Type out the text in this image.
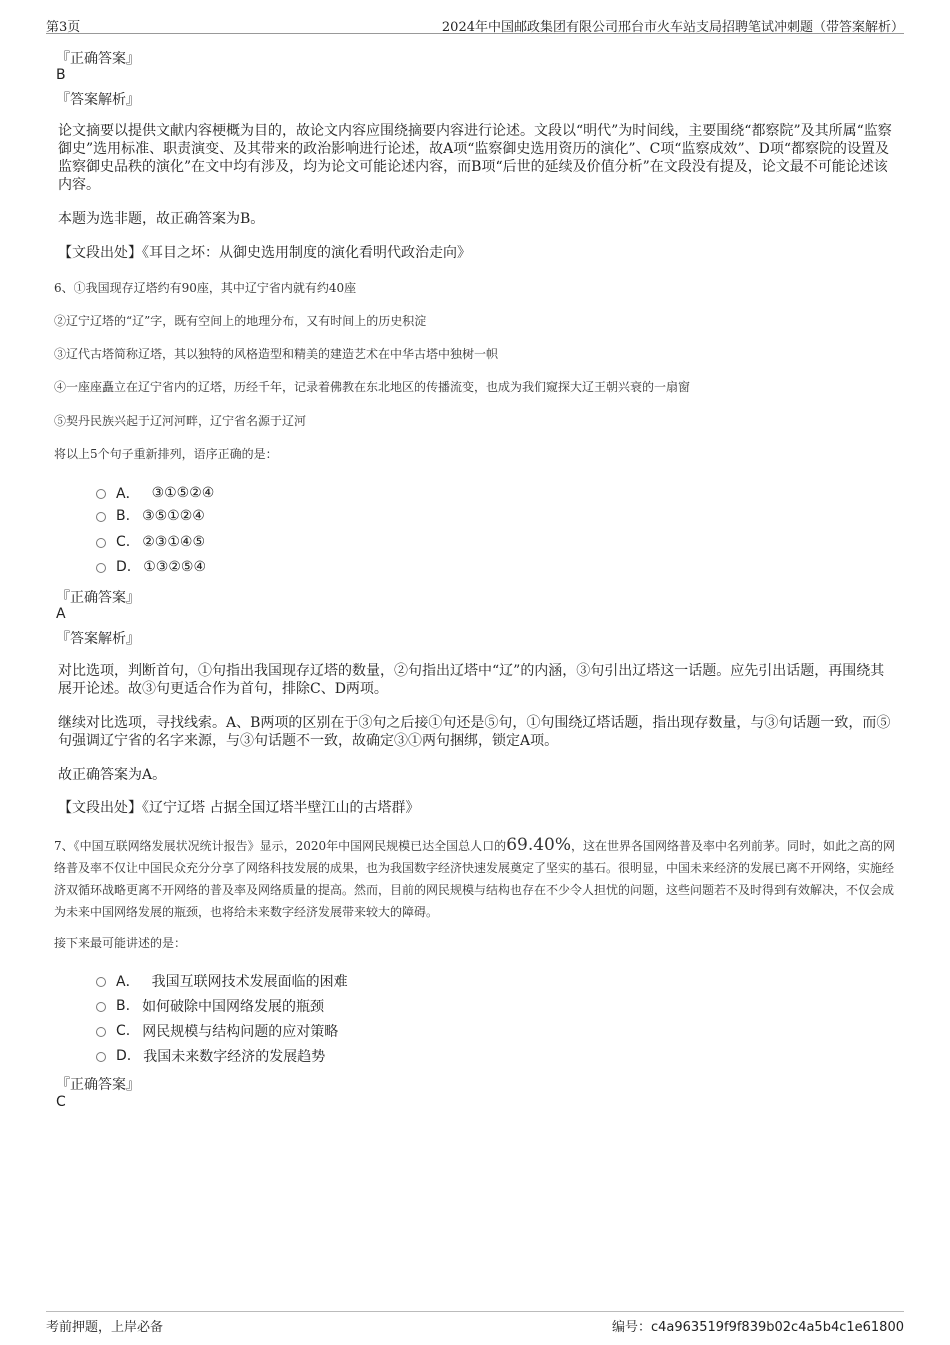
第3页	2024年中国邮政集团有限公司邢台市火车站支局招聘笔试冲刺题（带答案解析）
『正确答案』
B
『答案解析』
论文摘要以提供文献内容梗概为目的，故论文内容应围绕摘要内容进行论述。文段以“明代”为时间线，主要围绕“都察院”及其所属“监察御史”选用标准、职责演变、及其带来的政治影响进行论述，故A项“监察御史选用资历的演化”、C项“监察成效”、D项“都察院的设置及监察御史品秩的演化”在文中均有涉及，均为论文可能论述内容，而B项“后世的延续及价值分析”在文段没有提及，论文最不可能论述该内容。
本题为选非题，故正确答案为B。
【文段出处】《耳目之坏：从御史选用制度的演化看明代政治走向》
6、①我国现存辽塔约有90座，其中辽宁省内就有约40座
②辽宁辽塔的“辽”字，既有空间上的地理分布，又有时间上的历史积淀
③辽代古塔简称辽塔，其以独特的风格造型和精美的建造艺术在中华古塔中独树一帜
④一座座矗立在辽宁省内的辽塔，历经千年，记录着佛教在东北地区的传播流变，也成为我们窥探大辽王朝兴衰的一扇窗
⑤契丹民族兴起于辽河河畔，辽宁省名源于辽河
将以上5个句子重新排列，语序正确的是：
A． ③①⑤②④
B. ③⑤①②④
C. ②③①④⑤
D. ①③②⑤④
『正确答案』
A
『答案解析』
对比选项，判断首句，①句指出我国现存辽塔的数量，②句指出辽塔中“辽”的内涵，③句引出辽塔这一话题。应先引出话题，再围绕其展开论述。故③句更适合作为首句，排除C、D两项。
继续对比选项，寻找线索。A、B两项的区别在于③句之后接①句还是⑤句，①句围绕辽塔话题，指出现存数量，与③句话题一致，而⑤句强调辽宁省的名字来源，与③句话题不一致，故确定③①两句捆绑，锁定A项。
故正确答案为A。
【文段出处】《辽宁辽塔 占据全国辽塔半壁江山的古塔群》
7、《中国互联网络发展状况统计报告》显示，2020年中国网民规模已达全国总人口的69.40%，这在世界各国网络普及率中名列前茅。同时，如此之高的网络普及率不仅让中国民众充分分享了网络科技发展的成果，也为我国数字经济快速发展奠定了坚实的基石。很明显，中国未来经济的发展已离不开网络，实施经济双循环战略更离不开网络的普及率及网络质量的提高。然而，目前的网民规模与结构也存在不少令人担忧的问题，这些问题若不及时得到有效解决，不仅会成为未来中国网络发展的瓶颈，也将给未来数字经济发展带来较大的障碍。
接下来最可能讲述的是：
A． 我国互联网技术发展面临的困难
B. 如何破除中国网络发展的瓶颈
C. 网民规模与结构问题的应对策略
D. 我国未来数字经济的发展趋势
『正确答案』
C
考前押题，上岸必备	编号：c4a963519f9f839b02c4a5b4c1e61800
